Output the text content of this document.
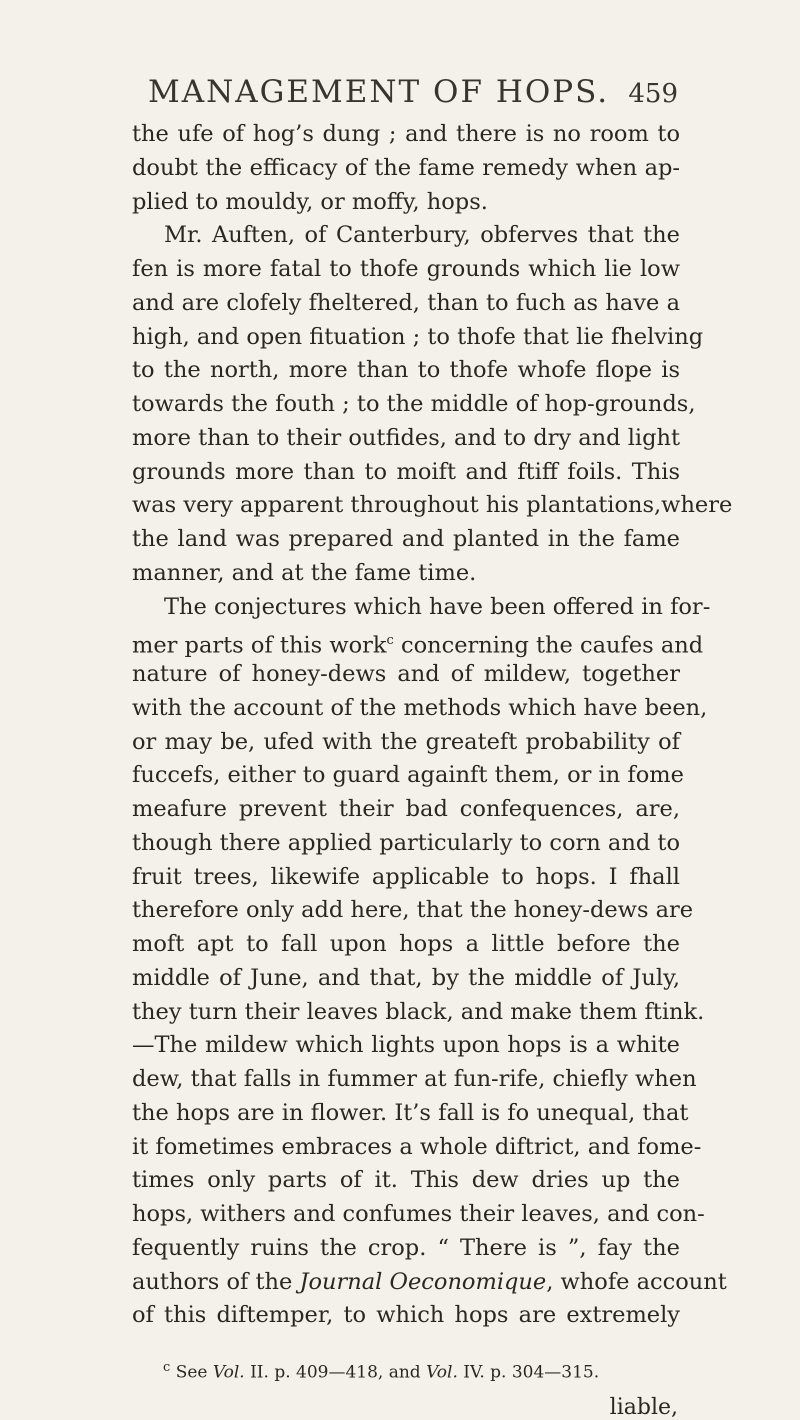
MANAGEMENT OF HOPS. 459
the ufe of hog’s dung ; and there is no room to
doubt the efficacy of the fame remedy when ap-
plied to mouldy, or moffy, hops.
Mr. Auften, of Canterbury, obferves that the
fen is more fatal to thofe grounds which lie low
and are clofely fheltered, than to fuch as have a
high, and open fituation ; to thofe that lie fhelving
to the north, more than to thofe whofe flope is
towards the fouth ; to the middle of hop-grounds,
more than to their outfides, and to dry and light
grounds more than to moift and ftiff foils. This
was very apparent throughout his plantations,where
the land was prepared and planted in the fame
manner, and at the fame time.
The conjectures which have been offered in for-
mer parts of this work$^c$ concerning the caufes and
nature of honey-dews and of mildew, together
with the account of the methods which have been,
or may be, ufed with the greateft probability of
fuccefs, either to guard againft them, or in fome
meafure prevent their bad confequences, are,
though there applied particularly to corn and to
fruit trees, likewife applicable to hops. I fhall
therefore only add here, that the honey-dews are
moft apt to fall upon hops a little before the
middle of June, and that, by the middle of July,
they turn their leaves black, and make them ftink.
—The mildew which lights upon hops is a white
dew, that falls in fummer at fun-rife, chiefly when
the hops are in flower. It’s fall is fo unequal, that
it fometimes embraces a whole diftrict, and fome-
times only parts of it. This dew dries up the
hops, withers and confumes their leaves, and con-
fequently ruins the crop. “ There is ”, fay the
authors of the Journal Oeconomique, whofe account
of this diftemper, to which hops are extremely
$^c$ See Vol. II. p. 409—418, and Vol. IV. p. 304—315.
liable,
